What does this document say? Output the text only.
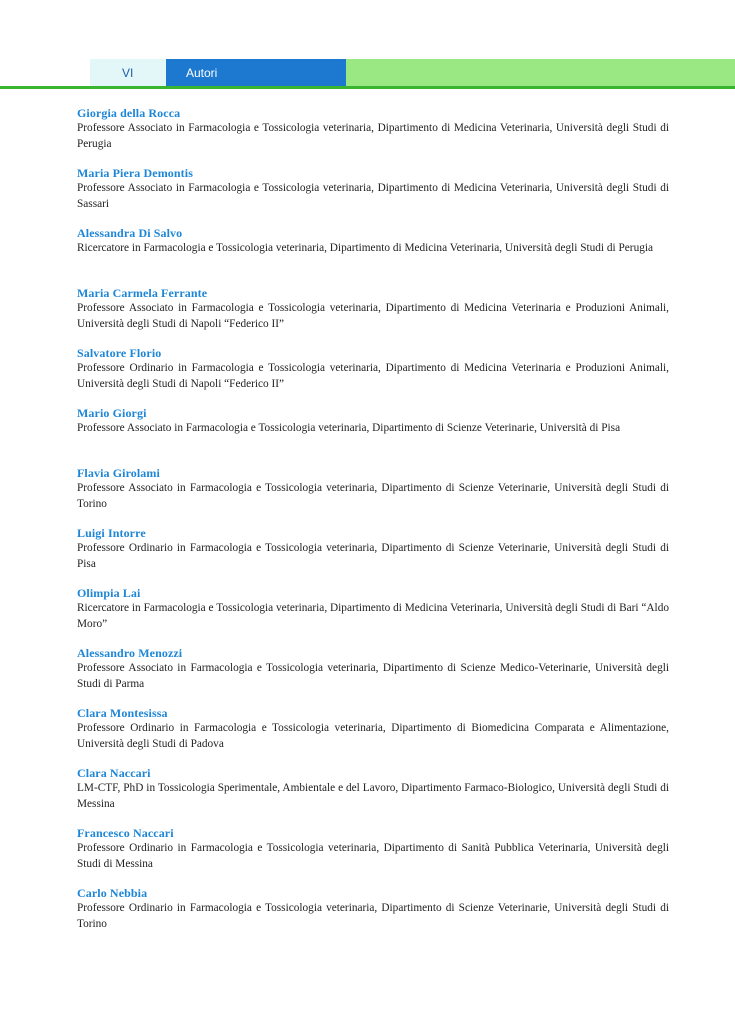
VI	Autori
Giorgia della Rocca
Professore Associato in Farmacologia e Tossicologia veterinaria, Dipartimento di Medicina Veterinaria, Università degli Studi di Perugia
Maria Piera Demontis
Professore Associato in Farmacologia e Tossicologia veterinaria, Dipartimento di Medicina Veterinaria, Università degli Studi di Sassari
Alessandra Di Salvo
Ricercatore in Farmacologia e Tossicologia veterinaria, Dipartimento di Medicina Veterinaria, Università degli Studi di Perugia
Maria Carmela Ferrante
Professore Associato in Farmacologia e Tossicologia veterinaria, Dipartimento di Medicina Veterinaria e Produzioni Animali, Università degli Studi di Napoli “Federico II”
Salvatore Florio
Professore Ordinario in Farmacologia e Tossicologia veterinaria, Dipartimento di Medicina Veterinaria e Produzioni Animali, Università degli Studi di Napoli “Federico II”
Mario Giorgi
Professore Associato in Farmacologia e Tossicologia veterinaria, Dipartimento di Scienze Veterinarie, Università di Pisa
Flavia Girolami
Professore Associato in Farmacologia e Tossicologia veterinaria, Dipartimento di Scienze Veterinarie, Università degli Studi di Torino
Luigi Intorre
Professore Ordinario in Farmacologia e Tossicologia veterinaria, Dipartimento di Scienze Veterinarie, Università degli Studi di Pisa
Olimpia Lai
Ricercatore in Farmacologia e Tossicologia veterinaria, Dipartimento di Medicina Veterinaria, Università degli Studi di Bari “Aldo Moro”
Alessandro Menozzi
Professore Associato in Farmacologia e Tossicologia veterinaria, Dipartimento di Scienze Medico-Veterinarie, Università degli Studi di Parma
Clara Montesissa
Professore Ordinario in Farmacologia e Tossicologia veterinaria, Dipartimento di Biomedicina Comparata e Alimentazione, Università degli Studi di Padova
Clara Naccari
LM-CTF, PhD in Tossicologia Sperimentale, Ambientale e del Lavoro, Dipartimento Farmaco-Biologico, Università degli Studi di Messina
Francesco Naccari
Professore Ordinario in Farmacologia e Tossicologia veterinaria, Dipartimento di Sanità Pubblica Veterinaria, Università degli Studi di Messina
Carlo Nebbia
Professore Ordinario in Farmacologia e Tossicologia veterinaria, Dipartimento di Scienze Veterinarie, Università degli Studi di Torino
